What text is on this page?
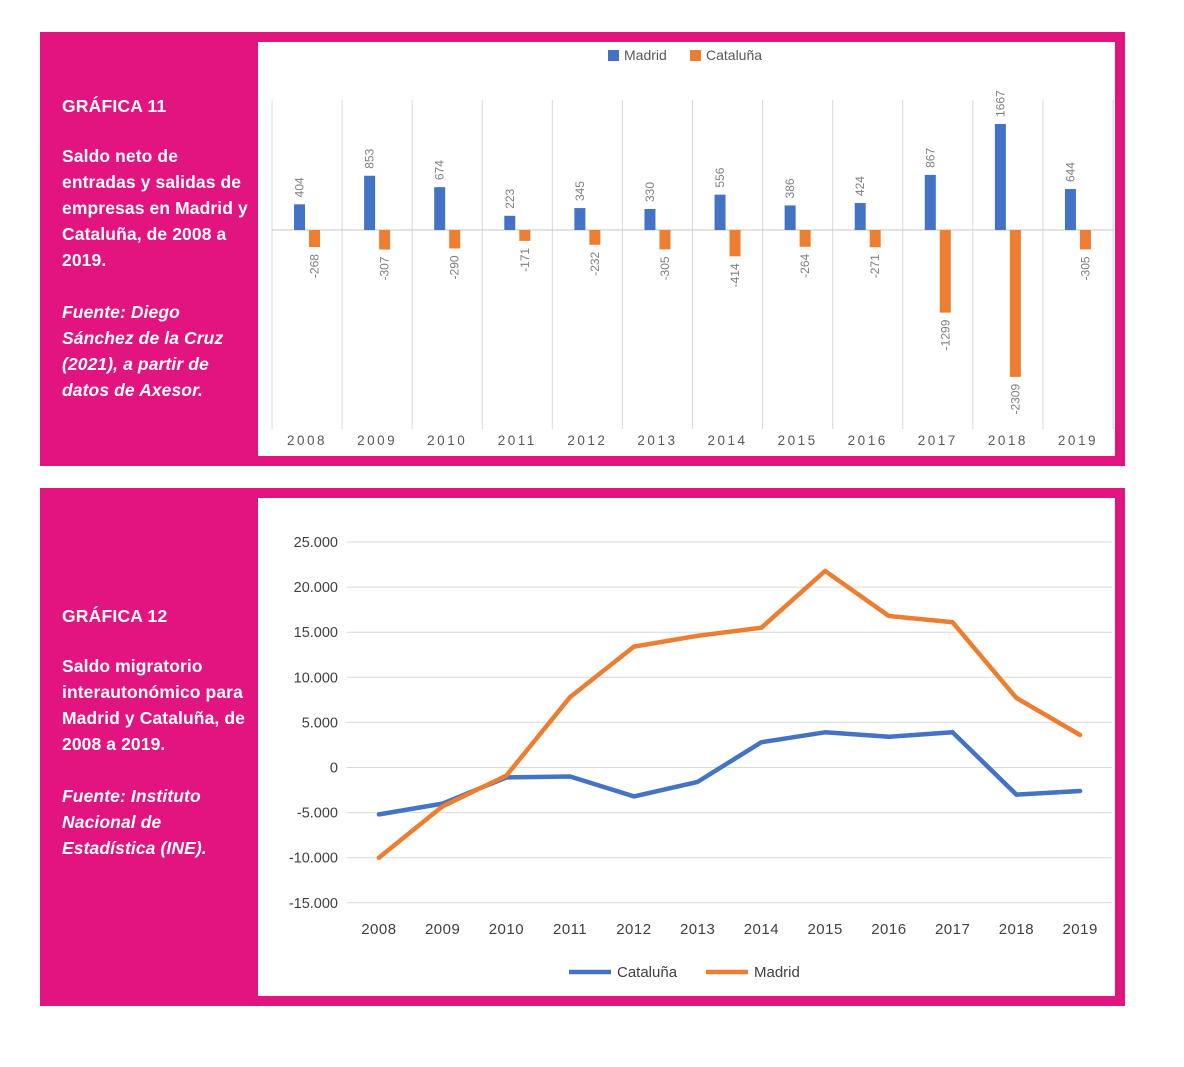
GRÁFICA 11
Saldo neto de entradas y salidas de empresas en Madrid y Cataluña, de 2008 a 2019.
Fuente: Diego Sánchez de la Cruz (2021), a partir de datos de Axesor.
404
-268
2008
853
-307
2009
674
-290
2010
223
-171
2011
345
-232
2012
330
-305
2013
556
-414
2014
386
-264
2015
424
-271
2016
867
-1299
2017
1667
-2309
2018
644
-305
2019
Madrid	Cataluña
GRÁFICA 12
Saldo migratorio interautonómico para Madrid y Cataluña, de 2008 a 2019.
Fuente: Instituto Nacional de Estadística (INE).
25.000
20.000
15.000
10.000
5.000
0
-5.000
-10.000
-15.000
2008 2009 2010 2011 2012 2013 2014 2015 2016 2017 2018 2019
Cataluña	Madrid
